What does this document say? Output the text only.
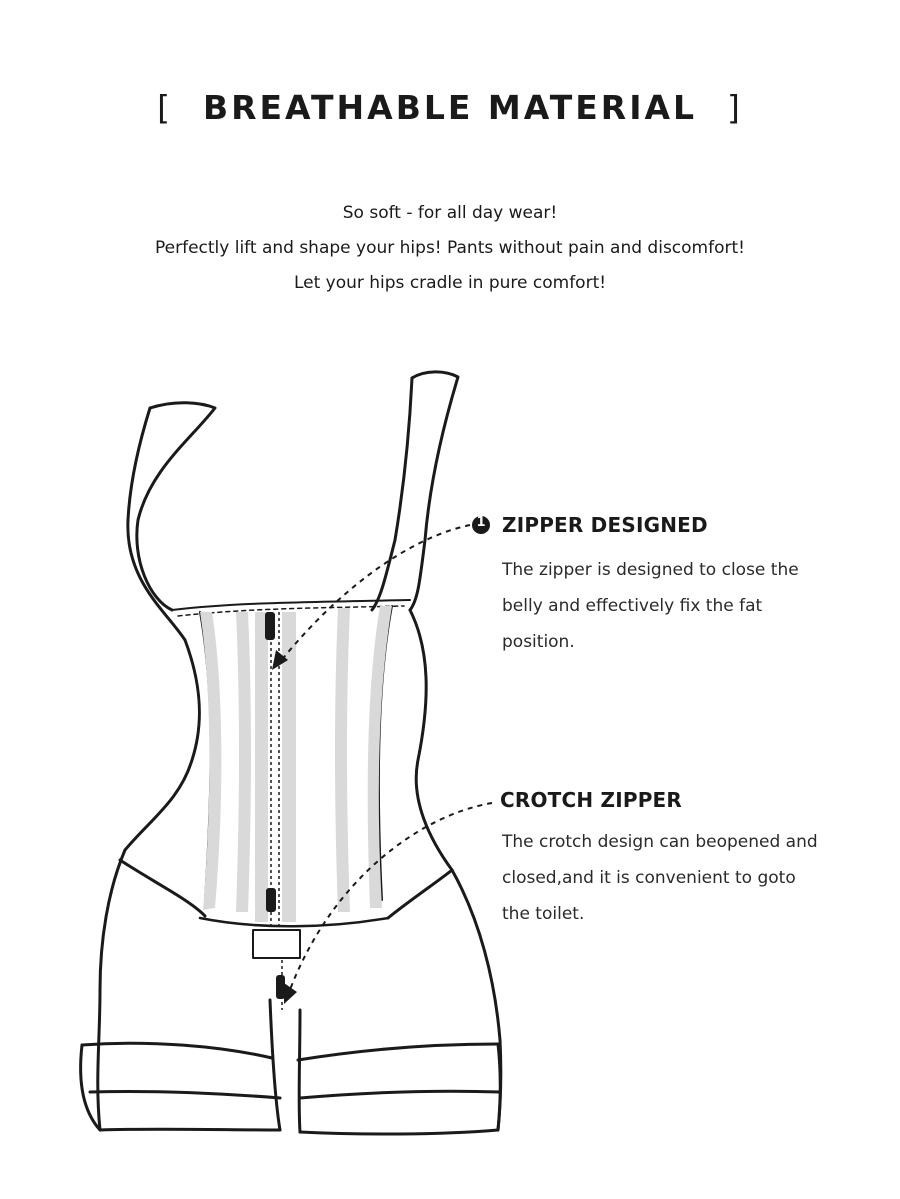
[ BREATHABLE MATERIAL ]
So soft - for all day wear!
Perfectly lift and shape your hips! Pants without pain and discomfort!
Let your hips cradle in pure comfort!
1 ZIPPER DESIGNED
The zipper is designed to close the
belly and effectively fix the fat
position.
CROTCH ZIPPER
The crotch design can beopened and
closed,and it is convenient to goto
the toilet.
